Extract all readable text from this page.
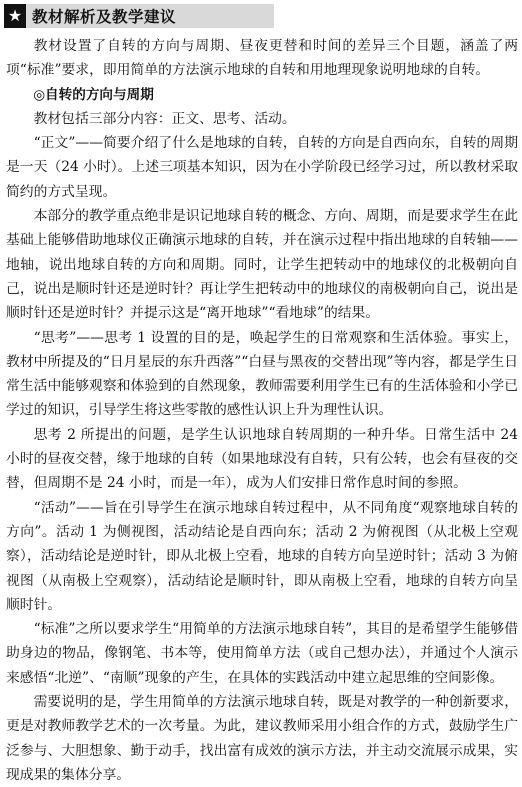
★ 教材解析及教学建议

教材设置了自转的方向与周期、昼夜更替和时间的差异三个目题，涵盖了两项“标准”要求，即用简单的方法演示地球的自转和用地理现象说明地球的自转。

◎自转的方向与周期

教材包括三部分内容：正文、思考、活动。

“正文”——简要介绍了什么是地球的自转，自转的方向是自西向东，自转的周期是一天（24 小时）。上述三项基本知识，因为在小学阶段已经学习过，所以教材采取简约的方式呈现。

本部分的教学重点绝非是识记地球自转的概念、方向、周期，而是要求学生在此基础上能够借助地球仪正确演示地球的自转，并在演示过程中指出地球的自转轴——地轴，说出地球自转的方向和周期。同时，让学生把转动中的地球仪的北极朝向自己，说出是顺时针还是逆时针？再让学生把转动中的地球仪的南极朝向自己，说出是顺时针还是逆时针？并提示这是“离开地球”“看地球”的结果。

“思考”——思考 1 设置的目的是，唤起学生的日常观察和生活体验。事实上，教材中所提及的“日月星辰的东升西落”“白昼与黑夜的交替出现”等内容，都是学生日常生活中能够观察和体验到的自然现象，教师需要利用学生已有的生活体验和小学已学过的知识，引导学生将这些零散的感性认识上升为理性认识。

思考 2 所提出的问题，是学生认识地球自转周期的一种升华。日常生活中 24 小时的昼夜交替，缘于地球的自转（如果地球没有自转，只有公转，也会有昼夜的交替，但周期不是 24 小时，而是一年），成为人们安排日常作息时间的参照。

“活动”——旨在引导学生在演示地球自转过程中，从不同角度“观察地球自转的方向”。活动 1 为侧视图，活动结论是自西向东；活动 2 为俯视图（从北极上空观察），活动结论是逆时针，即从北极上空看，地球的自转方向呈逆时针；活动 3 为俯视图（从南极上空观察），活动结论是顺时针，即从南极上空看，地球的自转方向呈顺时针。

“标准”之所以要求学生“用简单的方法演示地球自转”，其目的是希望学生能够借助身边的物品，像钢笔、书本等，使用简单方法（或自己想办法），并通过个人演示来感悟“北逆”、“南顺”现象的产生，在具体的实践活动中建立起思维的空间影像。

需要说明的是，学生用简单的方法演示地球自转，既是对教学的一种创新要求，更是对教师教学艺术的一次考量。为此，建议教师采用小组合作的方式，鼓励学生广泛参与、大胆想象、勤于动手，找出富有成效的演示方法，并主动交流展示成果，实现成果的集体分享。
